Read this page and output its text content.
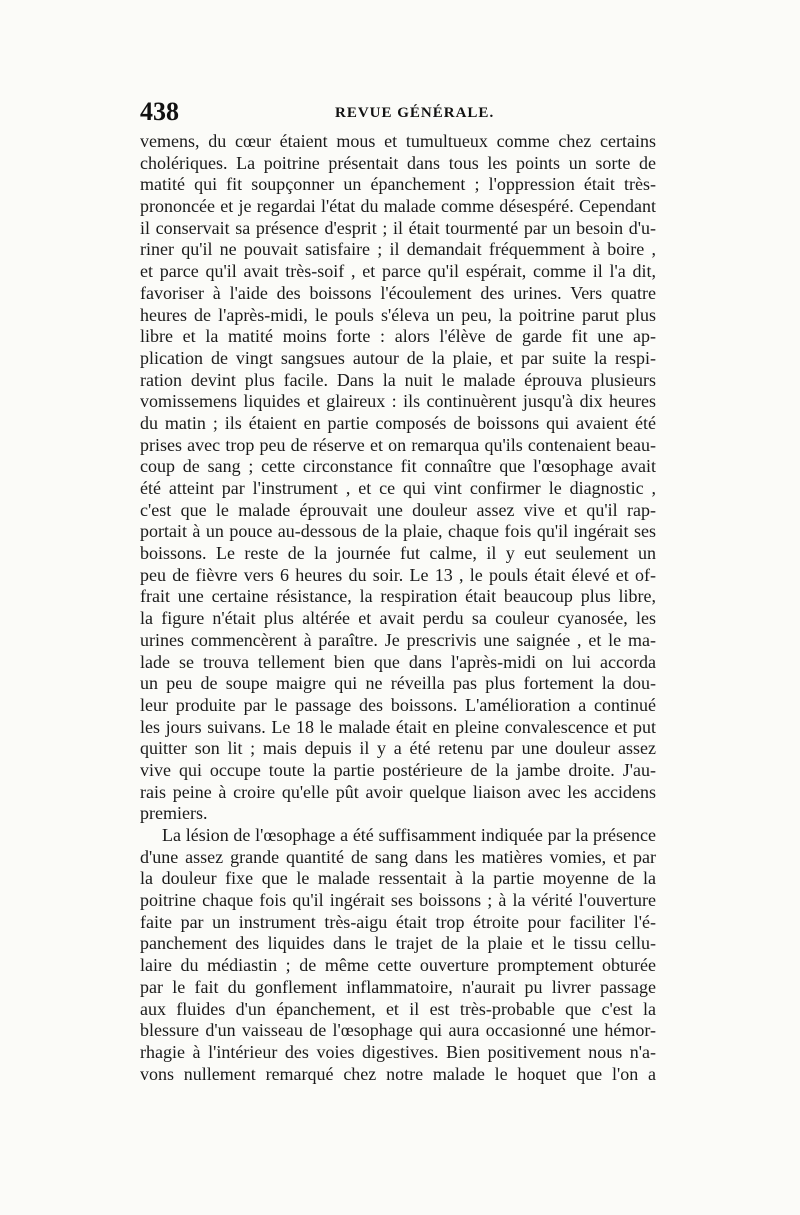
438	REVUE GÉNÉRALE.
vemens, du cœur étaient mous et tumultueux comme chez certains
cholériques. La poitrine présentait dans tous les points un sorte de
matité qui fit soupçonner un épanchement ; l'oppression était très-
prononcée et je regardai l'état du malade comme désespéré. Cependant
il conservait sa présence d'esprit ; il était tourmenté par un besoin d'u-
riner qu'il ne pouvait satisfaire ; il demandait fréquemment à boire ,
et parce qu'il avait très-soif , et parce qu'il espérait, comme il l'a dit,
favoriser à l'aide des boissons l'écoulement des urines. Vers quatre
heures de l'après-midi, le pouls s'éleva un peu, la poitrine parut plus
libre et la matité moins forte : alors l'élève de garde fit une ap-
plication de vingt sangsues autour de la plaie, et par suite la respi-
ration devint plus facile. Dans la nuit le malade éprouva plusieurs
vomissemens liquides et glaireux : ils continuèrent jusqu'à dix heures
du matin ; ils étaient en partie composés de boissons qui avaient été
prises avec trop peu de réserve et on remarqua qu'ils contenaient beau-
coup de sang ; cette circonstance fit connaître que l'œsophage avait
été atteint par l'instrument , et ce qui vint confirmer le diagnostic ,
c'est que le malade éprouvait une douleur assez vive et qu'il rap-
portait à un pouce au-dessous de la plaie, chaque fois qu'il ingérait ses
boissons. Le reste de la journée fut calme, il y eut seulement un
peu de fièvre vers 6 heures du soir. Le 13 , le pouls était élevé et of-
frait une certaine résistance, la respiration était beaucoup plus libre,
la figure n'était plus altérée et avait perdu sa couleur cyanosée, les
urines commencèrent à paraître. Je prescrivis une saignée , et le ma-
lade se trouva tellement bien que dans l'après-midi on lui accorda
un peu de soupe maigre qui ne réveilla pas plus fortement la dou-
leur produite par le passage des boissons. L'amélioration a continué
les jours suivans. Le 18 le malade était en pleine convalescence et put
quitter son lit ; mais depuis il y a été retenu par une douleur assez
vive qui occupe toute la partie postérieure de la jambe droite. J'au-
rais peine à croire qu'elle pût avoir quelque liaison avec les accidens
premiers.
La lésion de l'œsophage a été suffisamment indiquée par la présence
d'une assez grande quantité de sang dans les matières vomies, et par
la douleur fixe que le malade ressentait à la partie moyenne de la
poitrine chaque fois qu'il ingérait ses boissons ; à la vérité l'ouverture
faite par un instrument très-aigu était trop étroite pour faciliter l'é-
panchement des liquides dans le trajet de la plaie et le tissu cellu-
laire du médiastin ; de même cette ouverture promptement obturée
par le fait du gonflement inflammatoire, n'aurait pu livrer passage
aux fluides d'un épanchement, et il est très-probable que c'est la
blessure d'un vaisseau de l'œsophage qui aura occasionné une hémor-
rhagie à l'intérieur des voies digestives. Bien positivement nous n'a-
vons nullement remarqué chez notre malade le hoquet que l'on a
